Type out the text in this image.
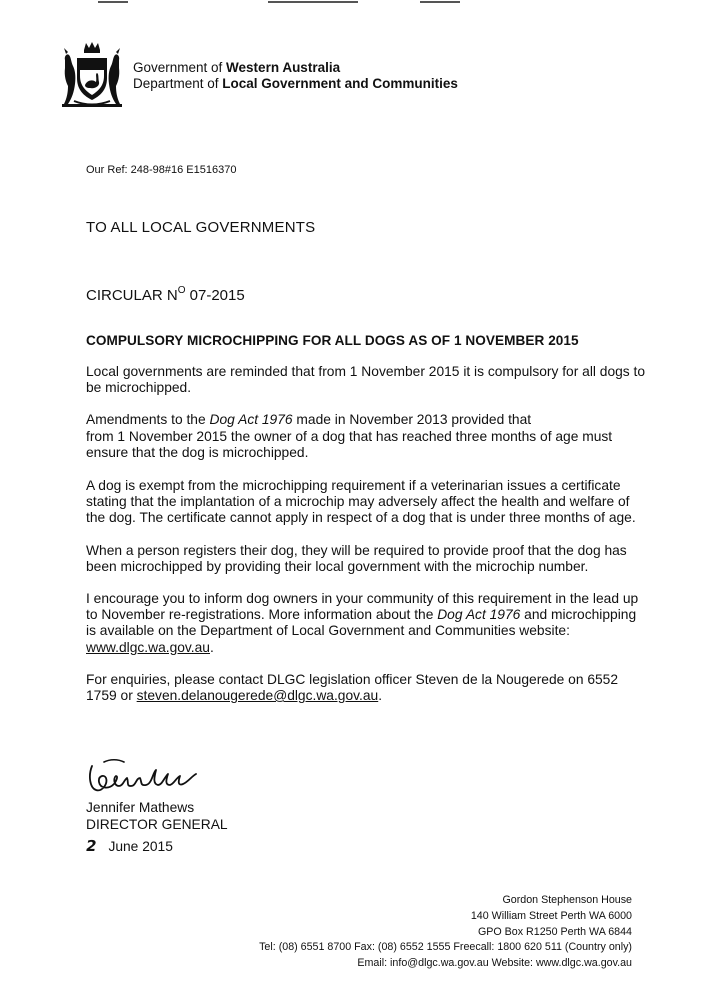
Government of Western Australia
Department of Local Government and Communities
Our Ref: 248-98#16 E1516370
TO ALL LOCAL GOVERNMENTS
CIRCULAR $N^O$ 07-2015
COMPULSORY MICROCHIPPING FOR ALL DOGS AS OF 1 NOVEMBER 2015

Local governments are reminded that from 1 November 2015 it is compulsory for all dogs to be microchipped.

Amendments to the Dog Act 1976 made in November 2013 provided that
from 1 November 2015 the owner of a dog that has reached three months of age must ensure that the dog is microchipped.

A dog is exempt from the microchipping requirement if a veterinarian issues a certificate stating that the implantation of a microchip may adversely affect the health and welfare of the dog. The certificate cannot apply in respect of a dog that is under three months of age.

When a person registers their dog, they will be required to provide proof that the dog has been microchipped by providing their local government with the microchip number.

I encourage you to inform dog owners in your community of this requirement in the lead up to November re-registrations. More information about the Dog Act 1976 and microchipping is available on the Department of Local Government and Communities website: www.dlgc.wa.gov.au.

For enquiries, please contact DLGC legislation officer Steven de la Nougerede on 6552 1759 or steven.delanougerede@dlgc.wa.gov.au.

Jennifer Mathews
DIRECTOR GENERAL
2 June 2015
Gordon Stephenson House
140 William Street Perth WA 6000
GPO Box R1250 Perth WA 6844
Tel: (08) 6551 8700 Fax: (08) 6552 1555 Freecall: 1800 620 511 (Country only)
Email: info@dlgc.wa.gov.au Website: www.dlgc.wa.gov.au
